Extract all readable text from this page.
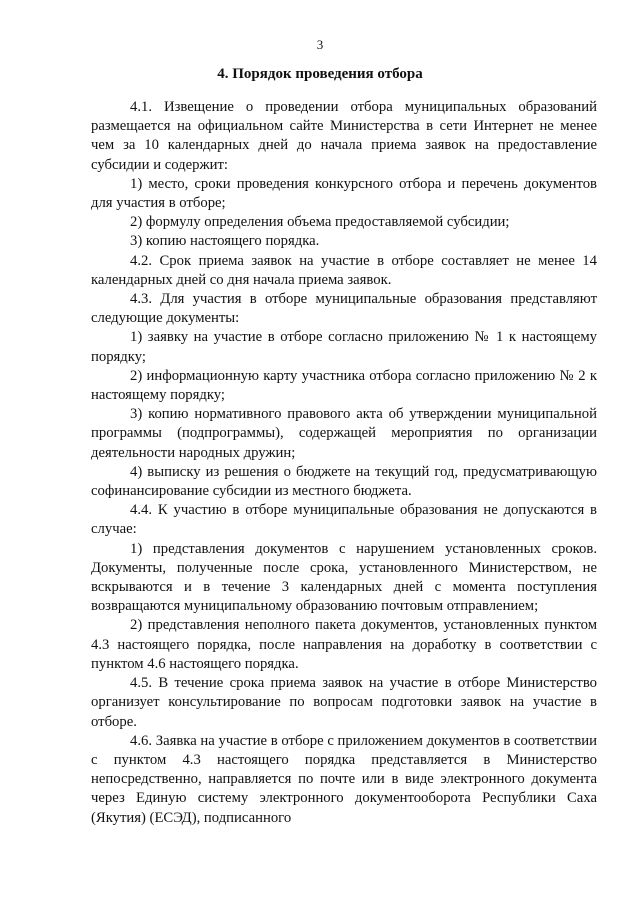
3
4. Порядок проведения отбора

4.1. Извещение о проведении отбора муниципальных образований размещается на официальном сайте Министерства в сети Интернет не менее чем за 10 календарных дней до начала приема заявок на предоставление субсидии и содержит:

1) место, сроки проведения конкурсного отбора и перечень документов для участия в отборе;

2) формулу определения объема предоставляемой субсидии;

3) копию настоящего порядка.

4.2. Срок приема заявок на участие в отборе составляет не менее 14 календарных дней со дня начала приема заявок.

4.3. Для участия в отборе муниципальные образования представляют следующие документы:

1) заявку на участие в отборе согласно приложению № 1 к настоящему порядку;

2) информационную карту участника отбора согласно приложению № 2 к настоящему порядку;

3) копию нормативного правового акта об утверждении муниципальной программы (подпрограммы), содержащей мероприятия по организации деятельности народных дружин;

4) выписку из решения о бюджете на текущий год, предусматривающую софинансирование субсидии из местного бюджета.

4.4. К участию в отборе муниципальные образования не допускаются в случае:

1) представления документов с нарушением установленных сроков. Документы, полученные после срока, установленного Министерством, не вскрываются и в течение 3 календарных дней с момента поступления возвращаются муниципальному образованию почтовым отправлением;

2) представления неполного пакета документов, установленных пунктом 4.3 настоящего порядка, после направления на доработку в соответствии с пунктом 4.6 настоящего порядка.

4.5. В течение срока приема заявок на участие в отборе Министерство организует консультирование по вопросам подготовки заявок на участие в отборе.

4.6. Заявка на участие в отборе с приложением документов в соответствии с пунктом 4.3 настоящего порядка представляется в Министерство непосредственно, направляется по почте или в виде электронного документа через Единую систему электронного документооборота Республики Саха (Якутия) (ЕСЭД), подписанного
